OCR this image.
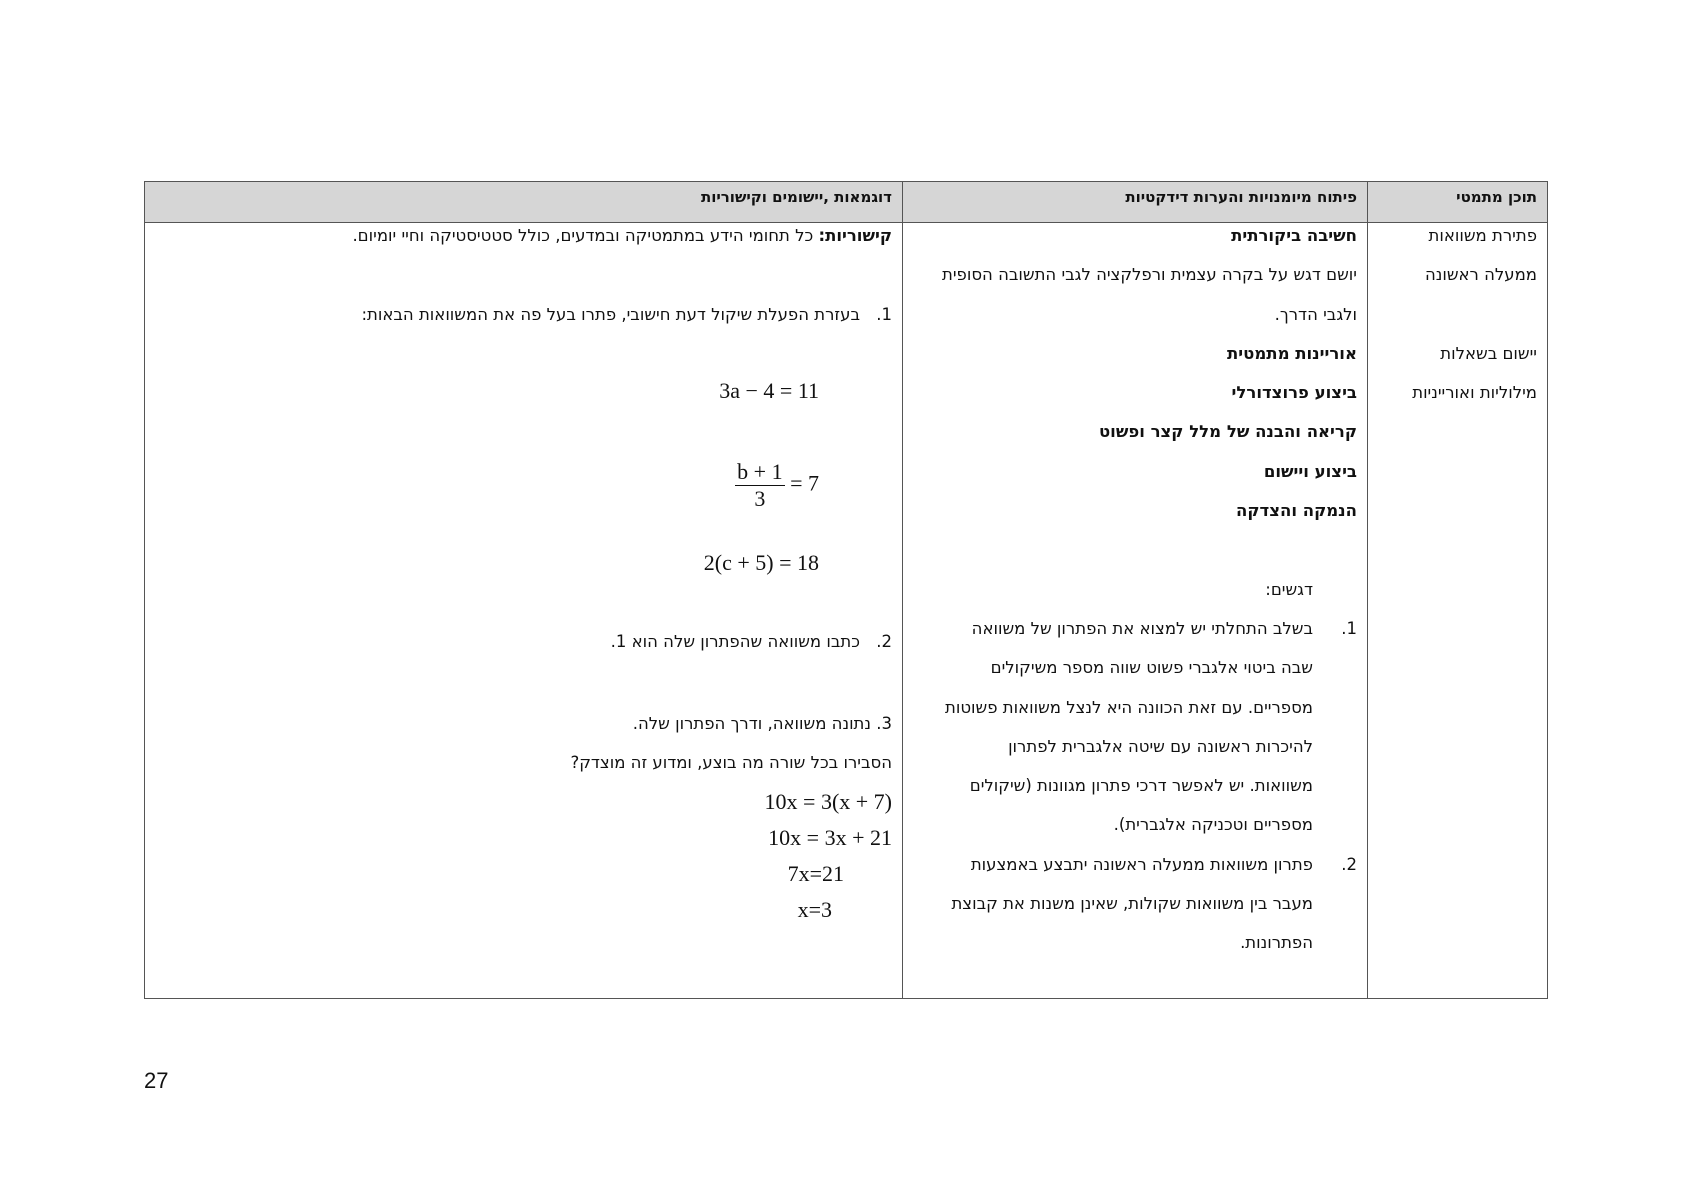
תוכן מתמטי
פיתוח מיומנויות והערות דידקטיות
דוגמאות ,יישומים וקישוריות
פתירת משוואות
ממעלה ראשונה
יישום בשאלות
מילוליות ואורייניות
חשיבה ביקורתית
יושם דגש על בקרה עצמית ורפלקציה לגבי התשובה הסופית
ולגבי הדרך.
אוריינות מתמטית
ביצוע פרוצדורלי
קריאה והבנה של מלל קצר ופשוט
ביצוע ויישום
הנמקה והצדקה
דגשים:
1.בשלב התחלתי יש למצוא את הפתרון של משוואה
שבה ביטוי אלגברי פשוט שווה מספר משיקולים
מספריים. עם זאת הכוונה היא לנצל משוואות פשוטות
להיכרות ראשונה עם שיטה אלגברית לפתרון
משוואות. יש לאפשר דרכי פתרון מגוונות (שיקולים
מספריים וטכניקה אלגברית).
2.פתרון משוואות ממעלה ראשונה יתבצע באמצעות
מעבר בין משוואות שקולות, שאינן משנות את קבוצת
הפתרונות.
קישוריות: כל תחומי הידע במתמטיקה ובמדעים, כולל סטטיסטיקה וחיי יומיום.
1.בעזרת הפעלת שיקול דעת חישובי, פתרו בעל פה את המשוואות הבאות:
3a − 4 = 11
$\frac{b + 1}{3} = 7$
2(c + 5) = 18
2.כתבו משוואה שהפתרון שלה הוא 1.
3. נתונה משוואה, ודרך הפתרון שלה.
הסבירו בכל שורה מה בוצע, ומדוע זה מוצדק?
10x = 3(x + 7)
10x = 3x + 21
7x=21
x=3
27
